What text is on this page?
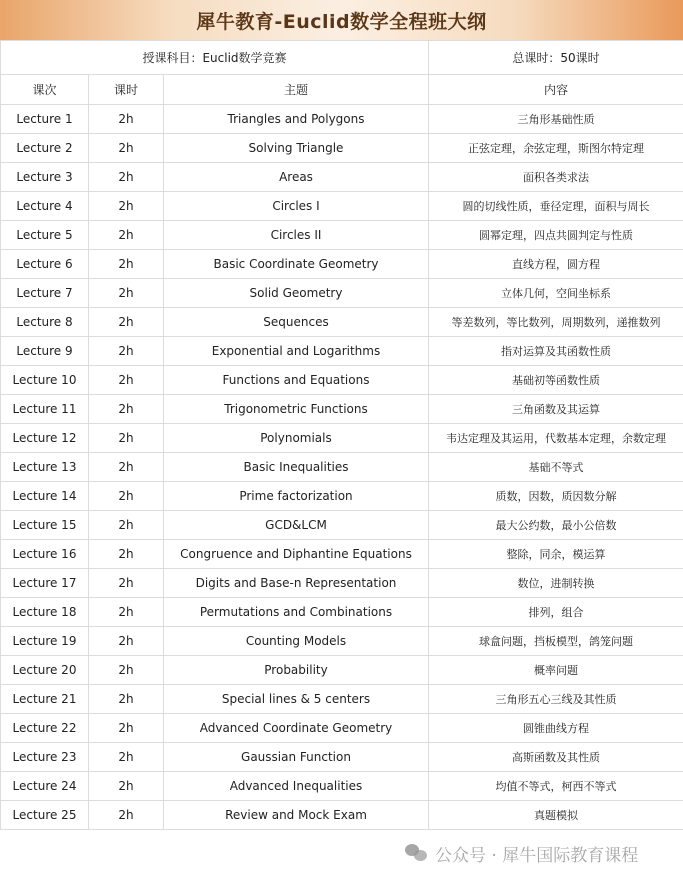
犀牛教育-Euclid数学全程班大纲
授课科目：Euclid数学竞赛			总课时：50课时
课次	课时	主题	内容
Lecture 1	2h	Triangles and Polygons	三角形基础性质
Lecture 2	2h	Solving Triangle	正弦定理，余弦定理，斯图尔特定理
Lecture 3	2h	Areas	面积各类求法
Lecture 4	2h	Circles I	圆的切线性质，垂径定理，面积与周长
Lecture 5	2h	Circles II	圆幂定理，四点共圆判定与性质
Lecture 6	2h	Basic Coordinate Geometry	直线方程，圆方程
Lecture 7	2h	Solid Geometry	立体几何，空间坐标系
Lecture 8	2h	Sequences	等差数列，等比数列，周期数列，递推数列
Lecture 9	2h	Exponential and Logarithms	指对运算及其函数性质
Lecture 10	2h	Functions and Equations	基础初等函数性质
Lecture 11	2h	Trigonometric Functions	三角函数及其运算
Lecture 12	2h	Polynomials	韦达定理及其运用，代数基本定理，余数定理
Lecture 13	2h	Basic Inequalities	基础不等式
Lecture 14	2h	Prime factorization	质数，因数，质因数分解
Lecture 15	2h	GCD&LCM	最大公约数，最小公倍数
Lecture 16	2h	Congruence and Diphantine Equations	整除，同余，模运算
Lecture 17	2h	Digits and Base-n Representation	数位，进制转换
Lecture 18	2h	Permutations and Combinations	排列，组合
Lecture 19	2h	Counting Models	球盒问题，挡板模型，鸽笼问题
Lecture 20	2h	Probability	概率问题
Lecture 21	2h	Special lines & 5 centers	三角形五心三线及其性质
Lecture 22	2h	Advanced Coordinate Geometry	圆锥曲线方程
Lecture 23	2h	Gaussian Function	高斯函数及其性质
Lecture 24	2h	Advanced Inequalities	均值不等式，柯西不等式
Lecture 25	2h	Review and Mock Exam	真题模拟
公众号 · 犀牛国际教育课程
